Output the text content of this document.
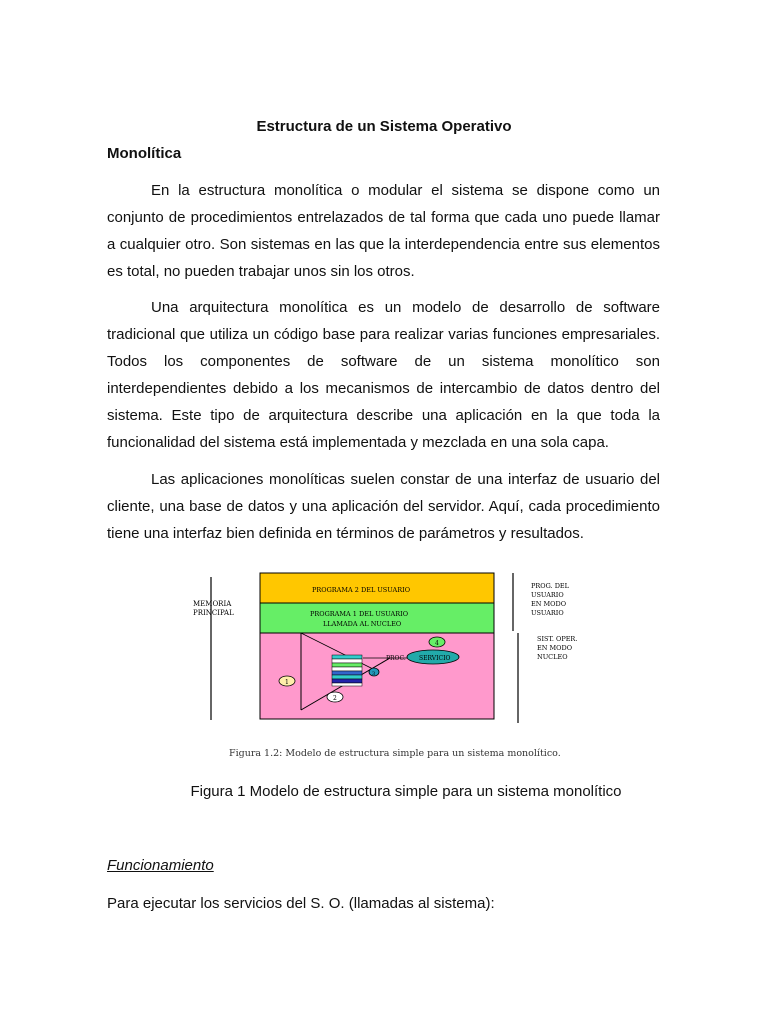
Estructura de un Sistema Operativo
Monolítica

En la estructura monolítica o modular el sistema se dispone como un conjunto de procedimientos entrelazados de tal forma que cada uno puede llamar a cualquier otro. Son sistemas en las que la interdependencia entre sus elementos es total, no pueden trabajar unos sin los otros.

Una arquitectura monolítica es un modelo de desarrollo de software tradicional que utiliza un código base para realizar varias funciones empresariales. Todos los componentes de software de un sistema monolítico son interdependientes debido a los mecanismos de intercambio de datos dentro del sistema. Este tipo de arquitectura describe una aplicación en la que toda la funcionalidad del sistema está implementada y mezclada en una sola capa.

Las aplicaciones monolíticas suelen constar de una interfaz de usuario del cliente, una base de datos y una aplicación del servidor. Aquí, cada procedimiento tiene una interfaz bien definida en términos de parámetros y resultados.

MEMORIA
PRINCIPAL
PROGRAMA 2 DEL USUARIO
PROGRAMA 1 DEL USUARIO
LLAMADA AL NUCLEO
PROG. DEL
USUARIO
EN MODO
USUARIO
SIST. OPER.
EN MODO
NUCLEO
PROC. SERVICIO
1
2
3
4
Figura 1.2: Modelo de estructura simple para un sistema monolítico.
Figura 1 Modelo de estructura simple para un sistema monolítico
Funcionamiento
Para ejecutar los servicios del S. O. (llamadas al sistema):
